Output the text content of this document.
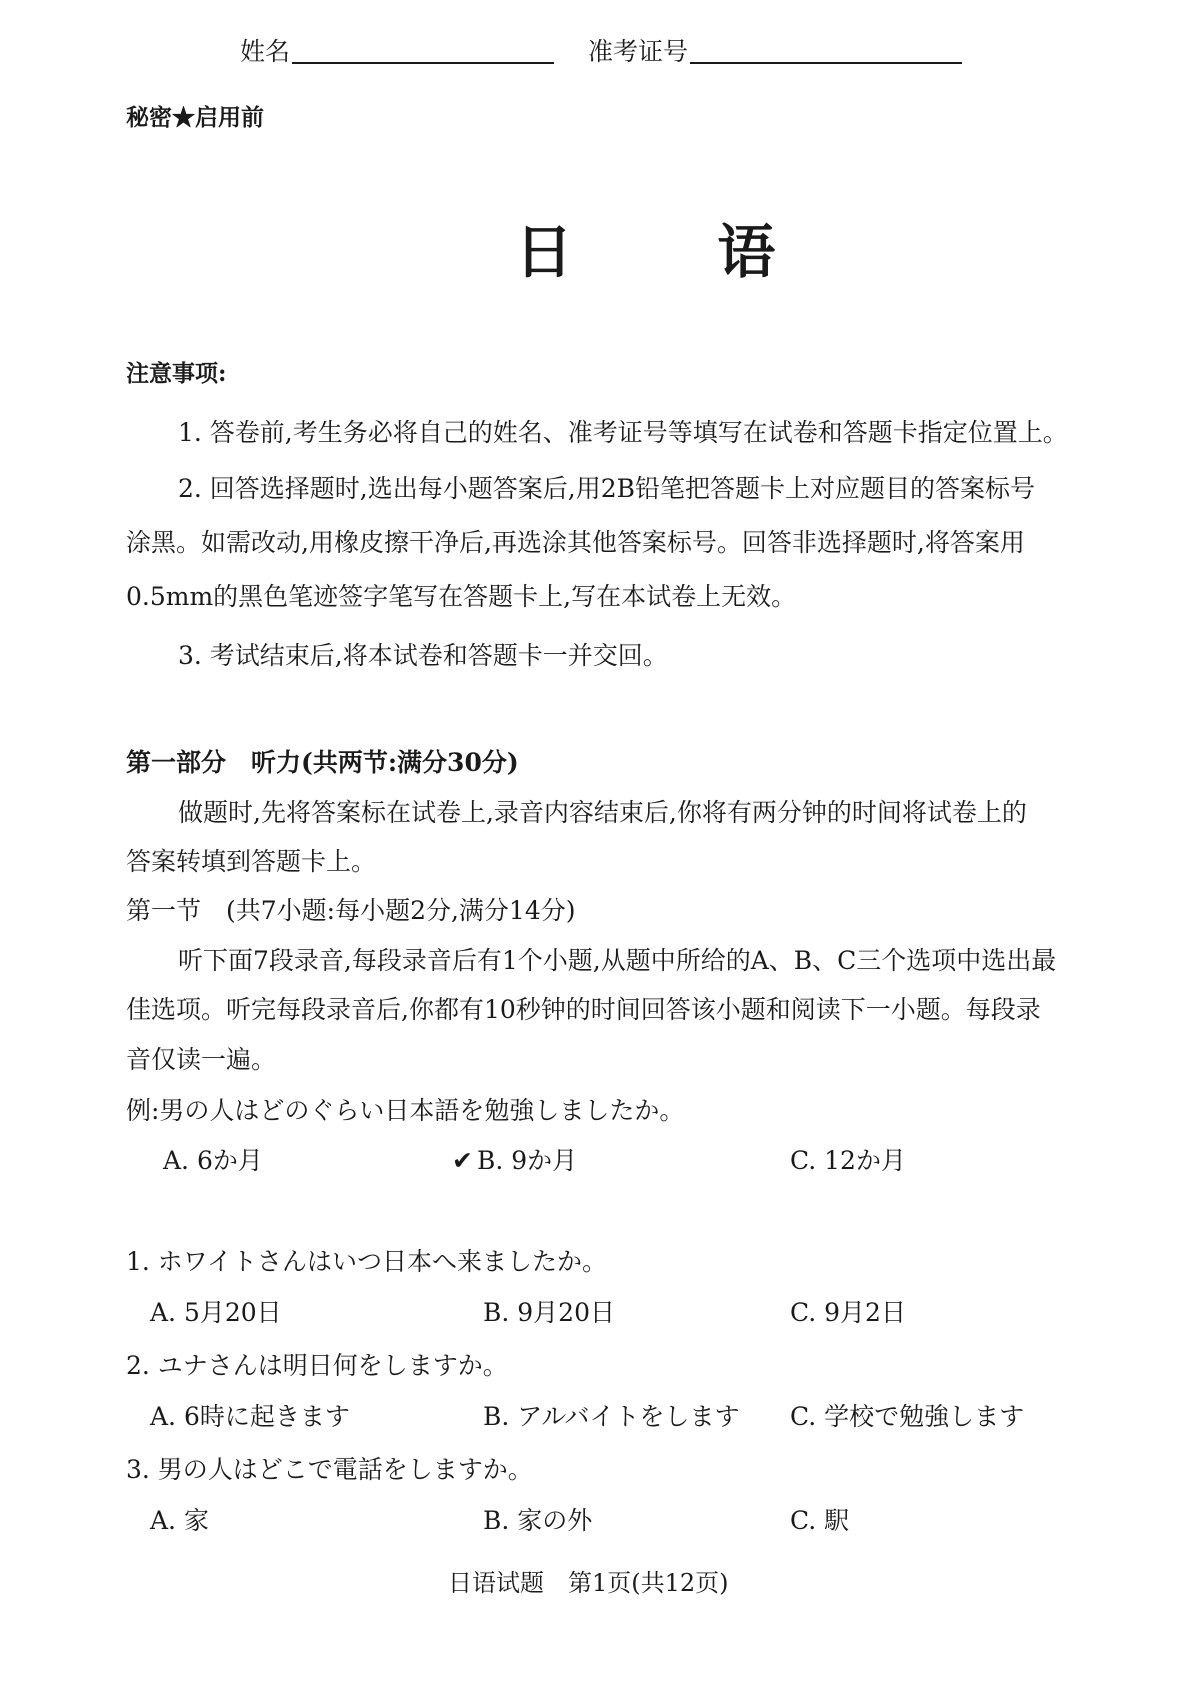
姓名	准考证号
秘密★启用前
日 语
注意事项:
1. 答卷前,考生务必将自己的姓名、准考证号等填写在试卷和答题卡指定位置上。
2. 回答选择题时,选出每小题答案后,用2B铅笔把答题卡上对应题目的答案标号
涂黑。如需改动,用橡皮擦干净后,再选涂其他答案标号。回答非选择题时,将答案用
0.5mm的黑色笔迹签字笔写在答题卡上,写在本试卷上无效。
3. 考试结束后,将本试卷和答题卡一并交回。
第一部分　听力(共两节:满分30分)
做题时,先将答案标在试卷上,录音内容结束后,你将有两分钟的时间将试卷上的
答案转填到答题卡上。
第一节　(共7小题:每小题2分,满分14分)
听下面7段录音,每段录音后有1个小题,从题中所给的A、B、C三个选项中选出最
佳选项。听完每段录音后,你都有10秒钟的时间回答该小题和阅读下一小题。每段录
音仅读一遍。
例:男の人はどのぐらい日本語を勉強しましたか。
A. 6か月	✔ B. 9か月	C. 12か月
1. ホワイトさんはいつ日本へ来ましたか。
A. 5月20日	B. 9月20日	C. 9月2日
2. ユナさんは明日何をしますか。
A. 6時に起きます	B. アルバイトをします C. 学校で勉強します
3. 男の人はどこで電話をしますか。
A. 家	B. 家の外	C. 駅
日语试题　第1页(共12页)
